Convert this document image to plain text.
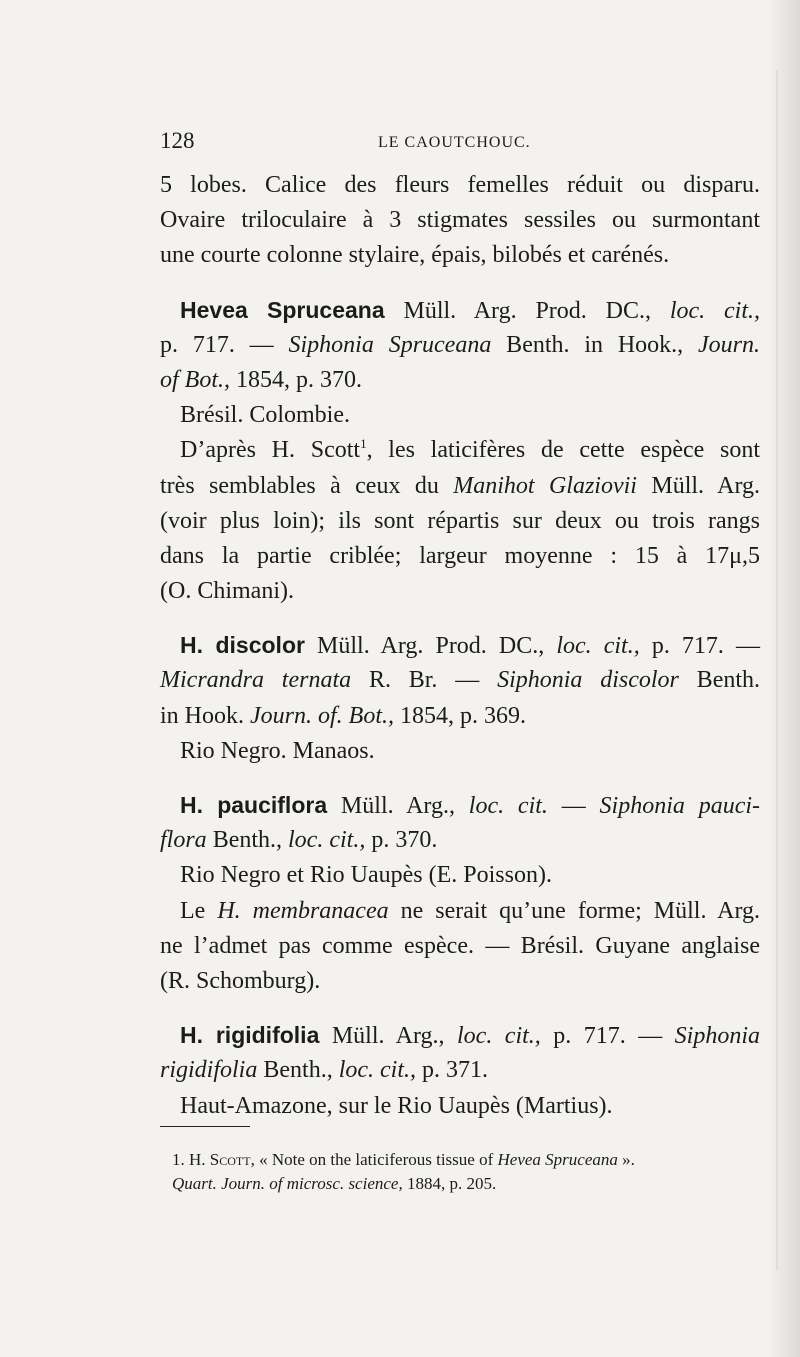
128	LE CAOUTCHOUC.
5 lobes. Calice des fleurs femelles réduit ou disparu.
Ovaire triloculaire à 3 stigmates sessiles ou surmontant
une courte colonne stylaire, épais, bilobés et carénés.
Hevea Spruceana Müll. Arg. Prod. DC., loc. cit.,
p. 717. — Siphonia Spruceana Benth. in Hook., Journ.
of Bot., 1854, p. 370.
Brésil. Colombie.
D’après H. Scott$^1$, les laticifères de cette espèce sont
très semblables à ceux du Manihot Glaziovii Müll. Arg.
(voir plus loin); ils sont répartis sur deux ou trois rangs
dans la partie criblée; largeur moyenne : 15 à 17μ,5
(O. Chimani).
H. discolor Müll. Arg. Prod. DC., loc. cit., p. 717. —
Micrandra ternata R. Br. — Siphonia discolor Benth.
in Hook. Journ. of. Bot., 1854, p. 369.
Rio Negro. Manaos.
H. pauciflora Müll. Arg., loc. cit. — Siphonia pauci-
flora Benth., loc. cit., p. 370.
Rio Negro et Rio Uaupès (E. Poisson).
Le H. membranacea ne serait qu’une forme; Müll. Arg.
ne l’admet pas comme espèce. — Brésil. Guyane anglaise
(R. Schomburg).
H. rigidifolia Müll. Arg., loc. cit., p. 717. — Siphonia
rigidifolia Benth., loc. cit., p. 371.
Haut-Amazone, sur le Rio Uaupès (Martius).
1. H. Scott, « Note on the laticiferous tissue of Hevea Spruceana ».
Quart. Journ. of microsc. science, 1884, p. 205.
